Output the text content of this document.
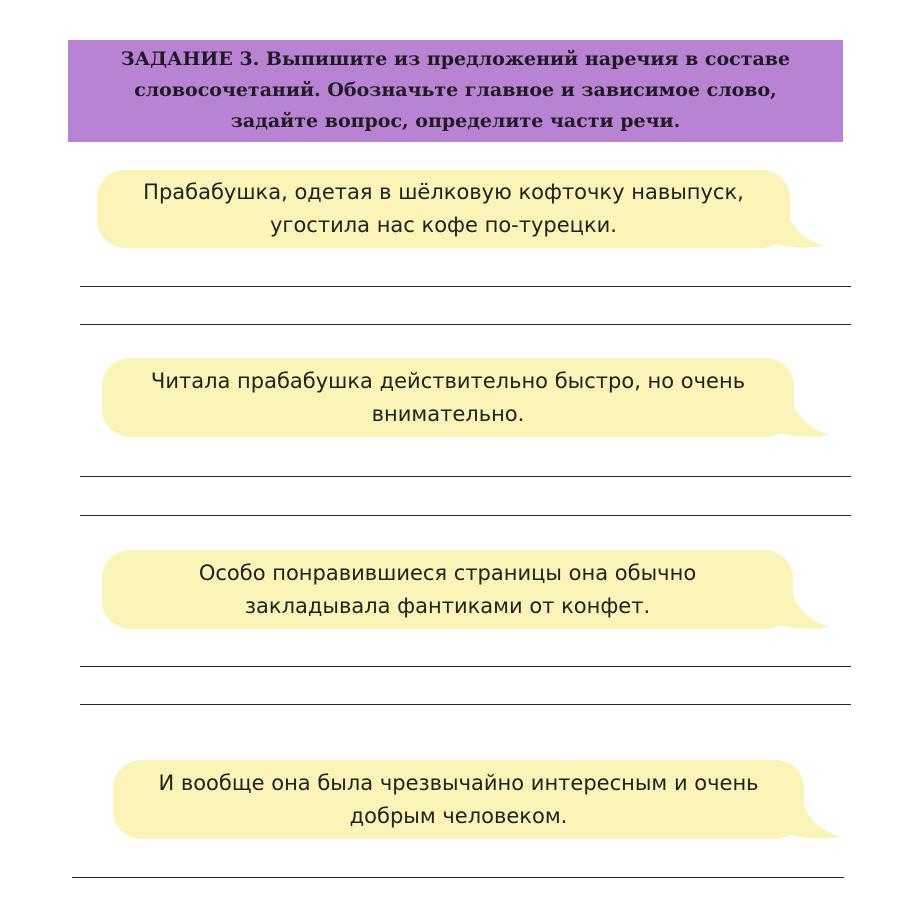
ЗАДАНИЕ 3. Выпишите из предложений наречия в составе словосочетаний. Обозначьте главное и зависимое слово, задайте вопрос, определите части речи.
Прабабушка, одетая в шёлковую кофточку навыпуск, угостила нас кофе по-турецки.
Читала прабабушка действительно быстро, но очень внимательно.
Особо понравившиеся страницы она обычно закладывала фантиками от конфет.
И вообще она была чрезвычайно интересным и очень добрым человеком.
